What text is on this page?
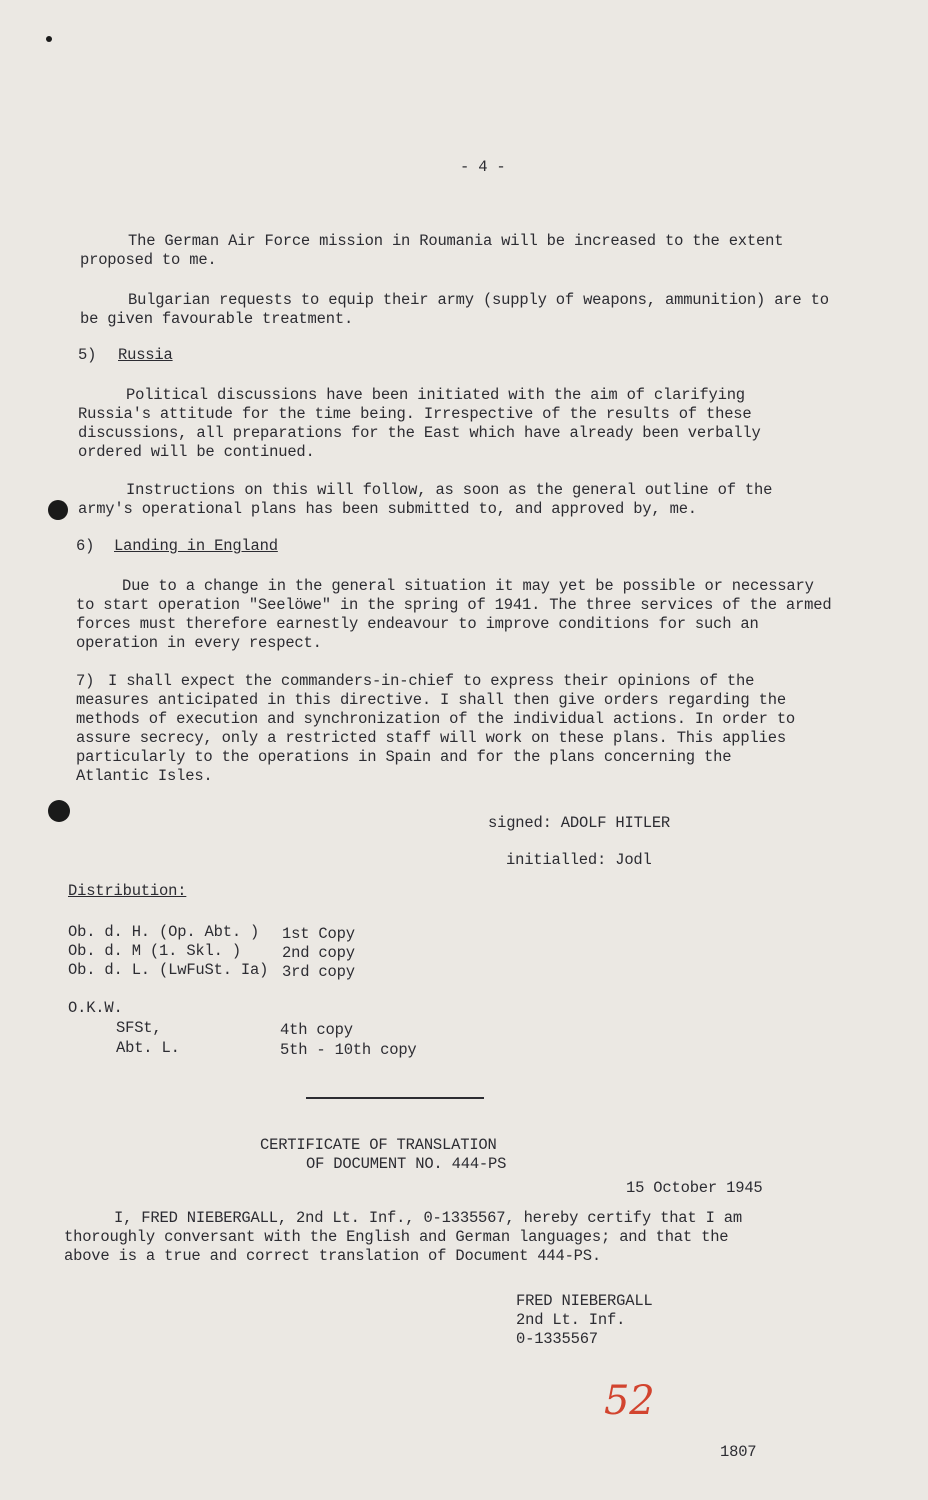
- 4 -
The German Air Force mission in Roumania will be increased to the extent proposed to me.
Bulgarian requests to equip their army (supply of weapons, ammunition) are to be given favourable treatment.
5) Russia
Political discussions have been initiated with the aim of clarifying Russia's attitude for the time being. Irrespective of the results of these discussions, all preparations for the East which have already been verbally ordered will be continued.
Instructions on this will follow, as soon as the general outline of the army's operational plans has been submitted to, and approved by, me.
6) Landing in England
Due to a change in the general situation it may yet be possible or necessary to start operation "Seelöwe" in the spring of 1941. The three services of the armed forces must therefore earnestly endeavour to improve conditions for such an operation in every respect.
7) I shall expect the commanders-in-chief to express their opinions of the measures anticipated in this directive. I shall then give orders regarding the methods of execution and synchronization of the individual actions. In order to assure secrecy, only a restricted staff will work on these plans. This applies particularly to the operations in Spain and for the plans concerning the Atlantic Isles.
signed: ADOLF HITLER
initialled: Jodl
Distribution:
Ob. d. H. (Op. Abt. ) 1st Copy
Ob. d. M (1. Skl. )	2nd copy
Ob. d. L. (LwFuSt. Ia) 3rd copy
O.K.W.
SFSt,	4th copy
Abt. L.	5th - 10th copy
CERTIFICATE OF TRANSLATION
OF DOCUMENT NO. 444-PS
15 October 1945
I, FRED NIEBERGALL, 2nd Lt. Inf., 0-1335567, hereby certify that I am thoroughly conversant with the English and German languages; and that the above is a true and correct translation of Document 444-PS.
FRED NIEBERGALL
2nd Lt. Inf.
0-1335567
52
1807
